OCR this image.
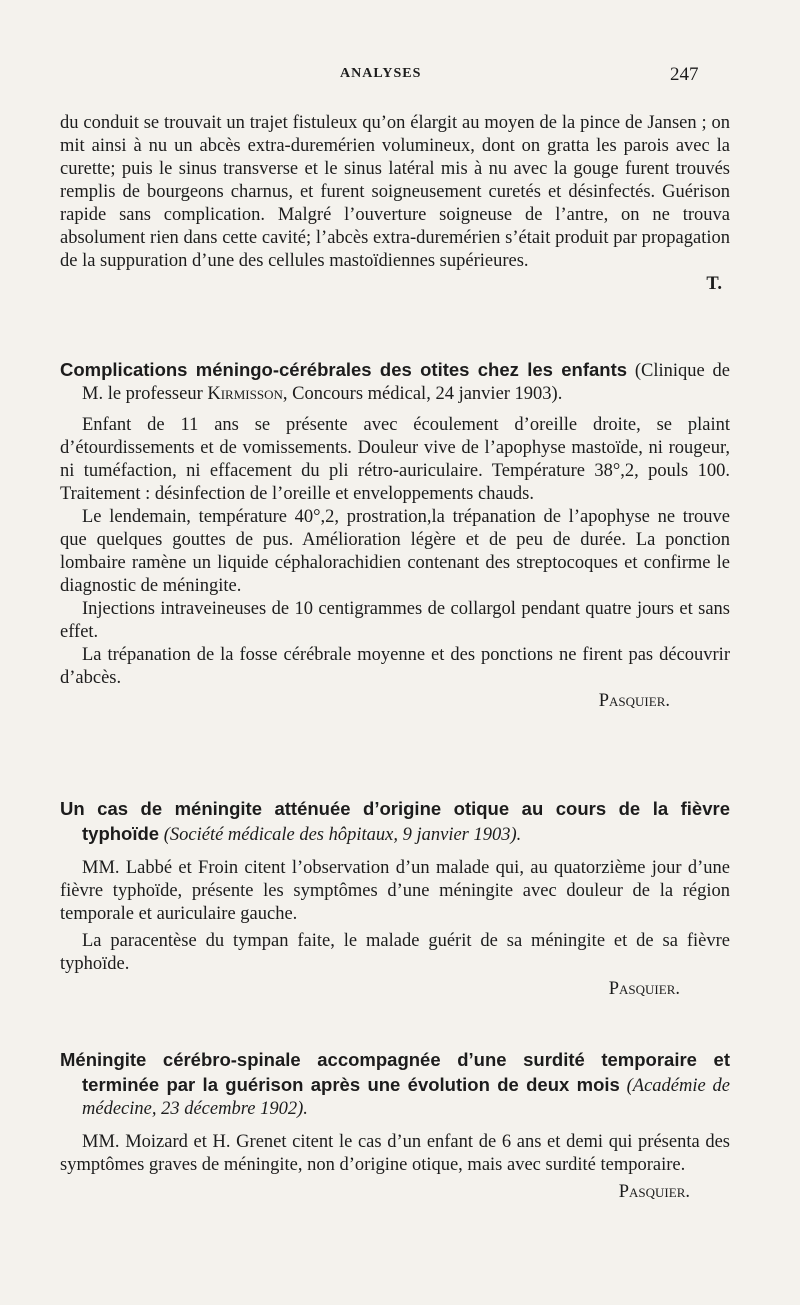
ANALYSES	247

du conduit se trouvait un trajet fistuleux qu’on élargit au moyen de la pince de Jansen ; on mit ainsi à nu un abcès extra-duremérien volumineux, dont on gratta les parois avec la curette; puis le sinus transverse et le sinus latéral mis à nu avec la gouge furent trouvés remplis de bourgeons charnus, et furent soigneusement curetés et désinfectés. Guérison rapide sans complication. Malgré l’ouverture soigneuse de l’antre, on ne trouva absolument rien dans cette cavité; l’abcès extra-duremérien s’était produit par propagation de la suppuration d’une des cellules mastoïdiennes supérieures.

T.

Complications méningo-cérébrales des otites chez les enfants (Clinique de M. le professeur Kirmisson, Concours médical, 24 janvier 1903).

Enfant de 11 ans se présente avec écoulement d’oreille droite, se plaint d’étourdissements et de vomissements. Douleur vive de l’apophyse mastoïde, ni rougeur, ni tuméfaction, ni effacement du pli rétro-auriculaire. Température 38°,2, pouls 100. Traitement : désinfection de l’oreille et enveloppements chauds.

Le lendemain, température 40°,2, prostration,la trépanation de l’apophyse ne trouve que quelques gouttes de pus. Amélioration légère et de peu de durée. La ponction lombaire ramène un liquide céphalorachidien contenant des streptocoques et confirme le diagnostic de méningite.

Injections intraveineuses de 10 centigrammes de collargol pendant quatre jours et sans effet.

La trépanation de la fosse cérébrale moyenne et des ponctions ne firent pas découvrir d’abcès.

Pasquier.

Un cas de méningite atténuée d’origine otique au cours de la fièvre typhoïde (Société médicale des hôpitaux, 9 janvier 1903).

MM. Labbé et Froin citent l’observation d’un malade qui, au quatorzième jour d’une fièvre typhoïde, présente les symptômes d’une méningite avec douleur de la région temporale et auriculaire gauche.

La paracentèse du tympan faite, le malade guérit de sa méningite et de sa fièvre typhoïde.

Pasquier.

Méningite cérébro-spinale accompagnée d’une surdité temporaire et terminée par la guérison après une évolution de deux mois (Académie de médecine, 23 décembre 1902).

MM. Moizard et H. Grenet citent le cas d’un enfant de 6 ans et demi qui présenta des symptômes graves de méningite, non d’origine otique, mais avec surdité temporaire.

Pasquier.
